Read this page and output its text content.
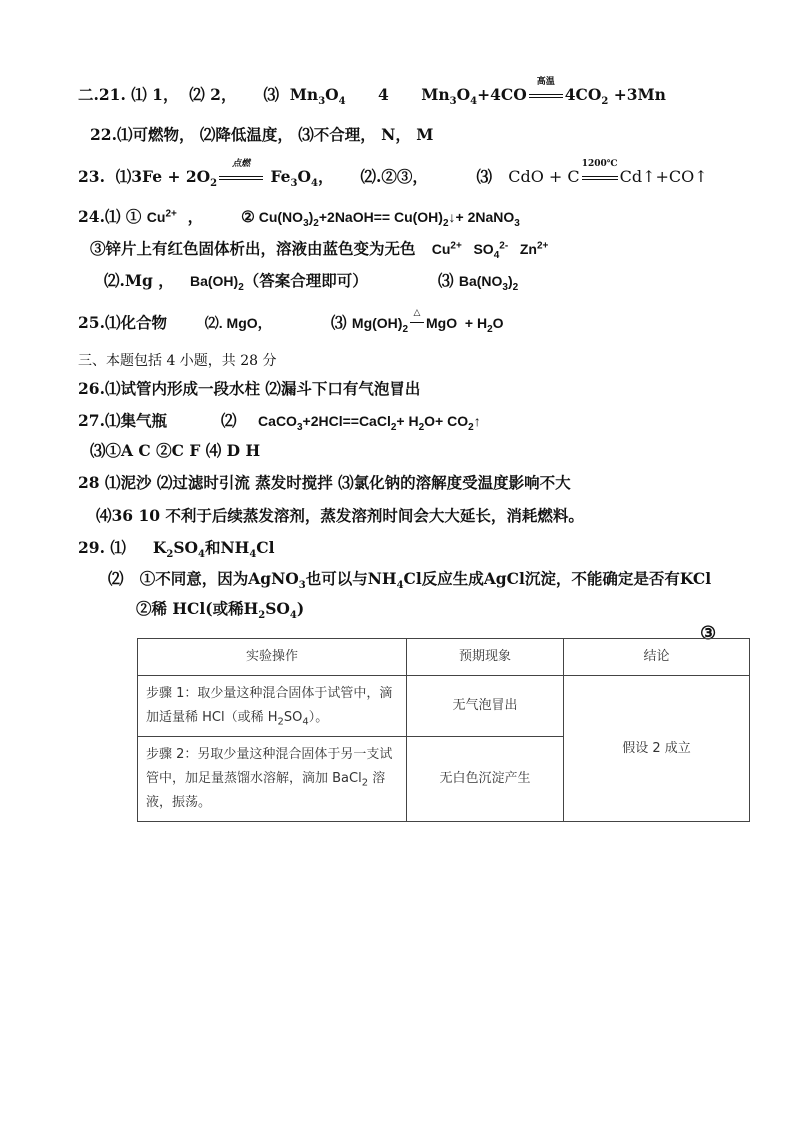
二.21. ⑴ 1， ⑵ 2， ⑶ $Mn_3O_4$ 4 $Mn_3O_4+4CO$
高温
$4CO_2 +3Mn$
22.⑴可燃物， ⑵降低温度， ⑶不合理， N， M
23. ⑴3Fe + $2O_2$
点燃
$Fe_3O_4$， ⑵.②③，	⑶ CdO + C
1200℃
Cd↑+CO↑
24.⑴ ① $Cu^{2+}$  ，       ② $Cu(NO_3)_2+2NaOH==$ $Cu(OH)_2↓+$ 2NaNO$_3$
③锌片上有红色固体析出，溶液由蓝色变为无色 $Cu^{2+}$   $SO_4^{2-}$   $Zn^{2+}$
⑵.Mg ，   $Ba(OH)_2$（答案合理即可）	⑶ $Ba(NO_3)_2$
25.⑴化合物	⑵. MgO，	⑶ $Mg(OH)_2$
△
MgO  + $H_2O$
三、本题包括 4 小题，共 28 分
26.⑴试管内形成一段水柱 ⑵漏斗下口有气泡冒出
27.⑴集气瓶	⑵ CaCO$_3$+2HCl==CaCl$_2$+ $H_2O+$ $CO_2↑$
⑶①A C ②C F ⑷ D H
28 ⑴泥沙 ⑵过滤时引流 蒸发时搅拌 ⑶氯化钠的溶解度受温度影响不大
⑷36 10 不利于后续蒸发溶剂，蒸发溶剂时间会大大延长，消耗燃料。
29. ⑴ $K_2SO_4$和$NH_4Cl$
⑵ ①不同意，因为AgNO$_3$也可以与$NH_4Cl$反应生成AgCl沉淀，不能确定是否有KCl
②稀 HCl(或稀$H_2SO_4$)
③
实验操作	预期现象	结论
步骤 1：取少量这种混合固体于试管中，滴加适量稀 HCl（或稀 $H_2SO_4$）。	无气泡冒出	假设 2 成立
步骤 2：另取少量这种混合固体于另一支试管中，加足量蒸馏水溶解，滴加 BaCl$_2$ 溶液，振荡。	无白色沉淀产生	
